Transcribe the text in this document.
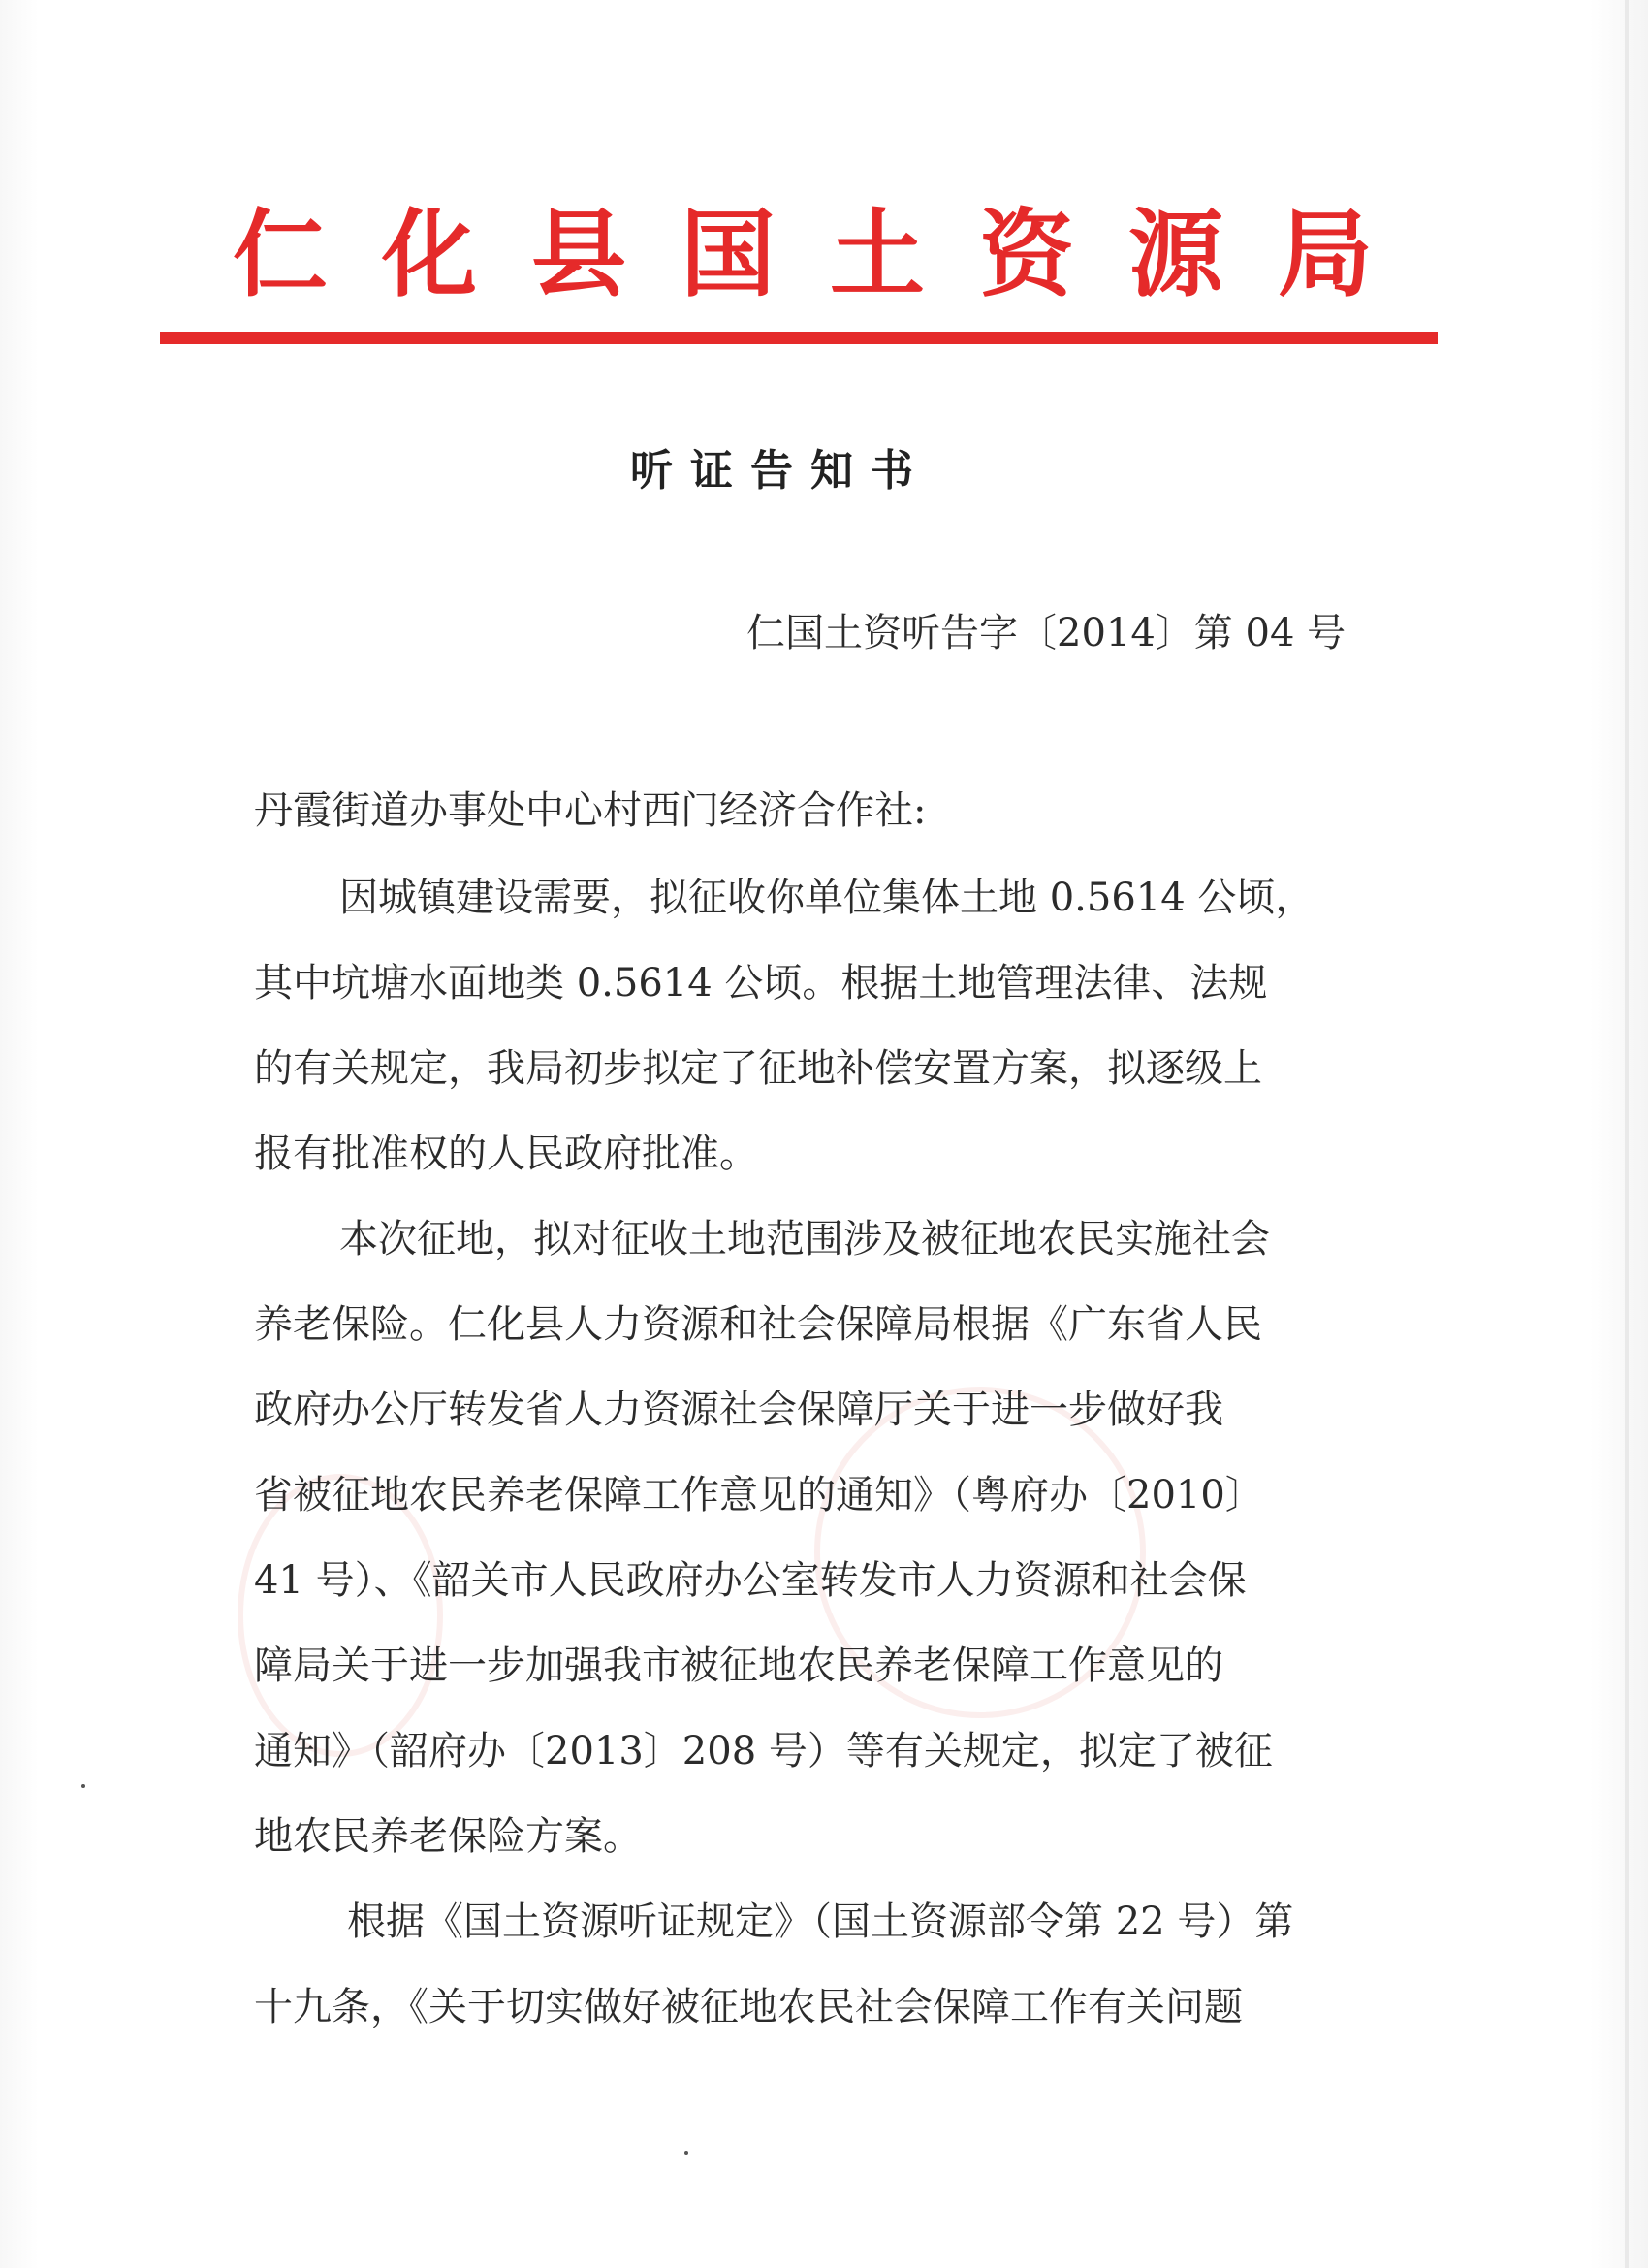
仁化县国土资源局
听证告知书
仁国土资听告字〔2014〕第 04 号
丹霞街道办事处中心村西门经济合作社:
因城镇建设需要，拟征收你单位集体土地 0.5614 公顷，
其中坑塘水面地类 0.5614 公顷。根据土地管理法律、法规
的有关规定，我局初步拟定了征地补偿安置方案，拟逐级上
报有批准权的人民政府批准。
本次征地，拟对征收土地范围涉及被征地农民实施社会
养老保险。仁化县人力资源和社会保障局根据《广东省人民
政府办公厅转发省人力资源社会保障厅关于进一步做好我
省被征地农民养老保障工作意见的通知》（粤府办〔2010〕
41 号）、《韶关市人民政府办公室转发市人力资源和社会保
障局关于进一步加强我市被征地农民养老保障工作意见的
通知》（韶府办〔2013〕208 号）等有关规定，拟定了被征
地农民养老保险方案。
根据《国土资源听证规定》（国土资源部令第 22 号）第
十九条，《关于切实做好被征地农民社会保障工作有关问题
